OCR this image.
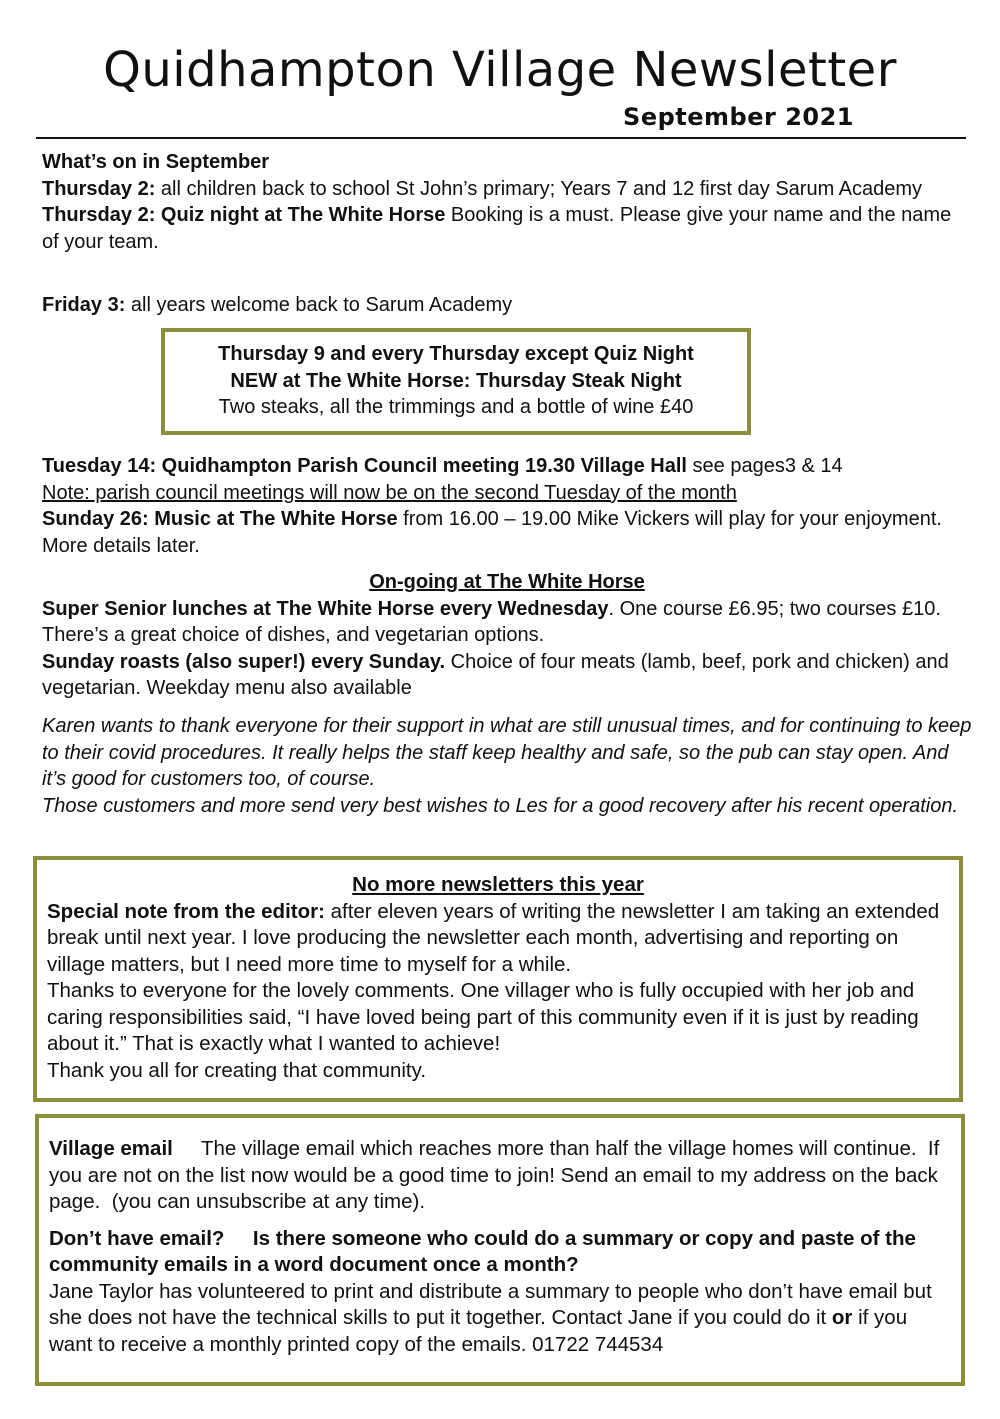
Quidhampton Village Newsletter
September 2021
What’s on in September
Thursday 2: all children back to school St John’s primary; Years 7 and 12 first day Sarum Academy
Thursday 2: Quiz night at The White Horse Booking is a must. Please give your name and the name of your team.
Friday 3: all years welcome back to Sarum Academy
Thursday 9 and every Thursday except Quiz Night
NEW at The White Horse: Thursday Steak Night
Two steaks, all the trimmings and a bottle of wine £40
Tuesday 14: Quidhampton Parish Council meeting 19.30 Village Hall see pages3 & 14
Note: parish council meetings will now be on the second Tuesday of the month
Sunday 26: Music at The White Horse from 16.00 – 19.00 Mike Vickers will play for your enjoyment. More details later.
On-going at The White Horse
Super Senior lunches at The White Horse every Wednesday. One course £6.95; two courses £10. There’s a great choice of dishes, and vegetarian options.
Sunday roasts (also super!) every Sunday. Choice of four meats (lamb, beef, pork and chicken) and vegetarian. Weekday menu also available
Karen wants to thank everyone for their support in what are still unusual times, and for continuing to keep to their covid procedures. It really helps the staff keep healthy and safe, so the pub can stay open. And it’s good for customers too, of course.
Those customers and more send very best wishes to Les for a good recovery after his recent operation.
No more newsletters this year
Special note from the editor: after eleven years of writing the newsletter I am taking an extended break until next year. I love producing the newsletter each month, advertising and reporting on village matters, but I need more time to myself for a while.
Thanks to everyone for the lovely comments. One villager who is fully occupied with her job and caring responsibilities said, “I have loved being part of this community even if it is just by reading about it.” That is exactly what I wanted to achieve!
Thank you all for creating that community.
Village email     The village email which reaches more than half the village homes will continue.  If you are not on the list now would be a good time to join! Send an email to my address on the back page.  (you can unsubscribe at any time).
Don’t have email?     Is there someone who could do a summary or copy and paste of the community emails in a word document once a month?
Jane Taylor has volunteered to print and distribute a summary to people who don’t have email but she does not have the technical skills to put it together. Contact Jane if you could do it or if you want to receive a monthly printed copy of the emails. 01722 744534
